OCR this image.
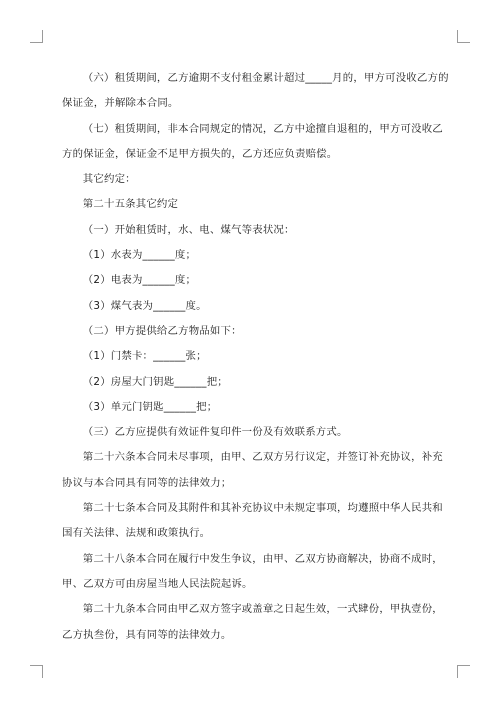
（六）租赁期间，乙方逾期不支付租金累计超过_____月的，甲方可没收乙方的保证金，并解除本合同。

（七）租赁期间，非本合同规定的情况，乙方中途擅自退租的，甲方可没收乙方的保证金，保证金不足甲方损失的，乙方还应负责赔偿。

其它约定：

第二十五条其它约定

（一）开始租赁时，水、电、煤气等表状况：

（1）水表为______度；

（2）电表为______度；

（3）煤气表为______度。

（二）甲方提供给乙方物品如下：

（1）门禁卡：______张；

（2）房屋大门钥匙______把；

（3）单元门钥匙______把；

（三）乙方应提供有效证件复印件一份及有效联系方式。

第二十六条本合同未尽事项，由甲、乙双方另行议定，并签订补充协议，补充协议与本合同具有同等的法律效力；

第二十七条本合同及其附件和其补充协议中未规定事项，均遵照中华人民共和国有关法律、法规和政策执行。

第二十八条本合同在履行中发生争议，由甲、乙双方协商解决，协商不成时，甲、乙双方可由房屋当地人民法院起诉。

第二十九条本合同由甲乙双方签字或盖章之日起生效，一式肆份，甲执壹份，乙方执叁份，具有同等的法律效力。
